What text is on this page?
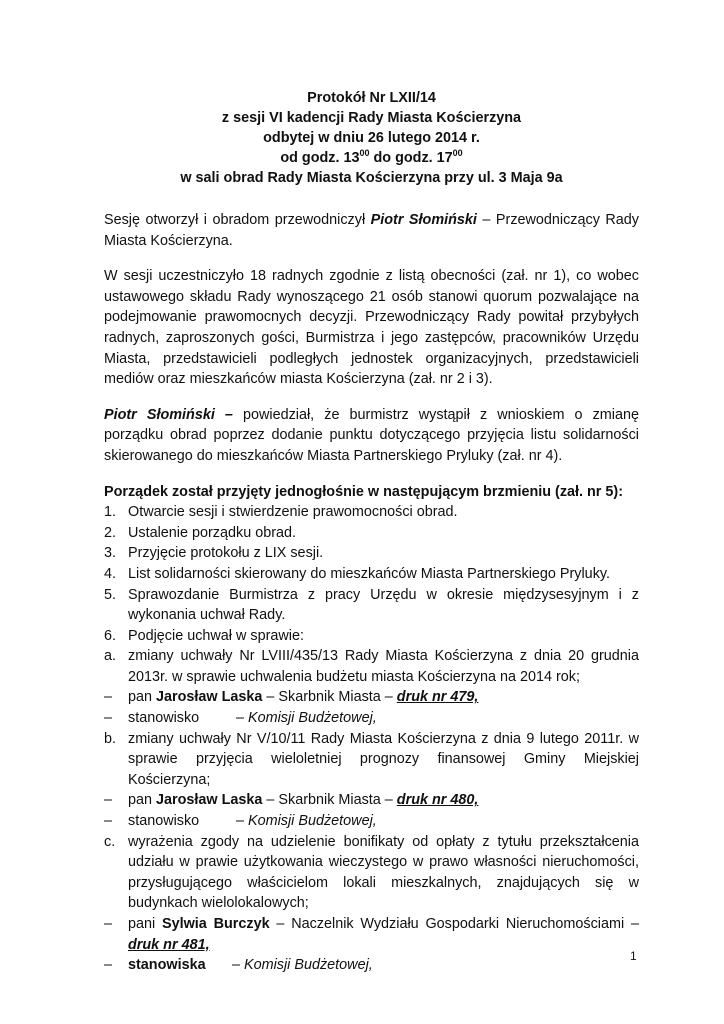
Protokół Nr LXII/14
z sesji VI kadencji Rady Miasta Kościerzyna
odbytej w dniu 26 lutego 2014 r.
od godz. $13^{00}$ do godz. $17^{00}$
w sali obrad Rady Miasta Kościerzyna przy ul. 3 Maja 9a

Sesję otworzył i obradom przewodniczył Piotr Słomiński – Przewodniczący Rady Miasta Kościerzyna.

W sesji uczestniczyło 18 radnych zgodnie z listą obecności (zał. nr 1), co wobec ustawowego składu Rady wynoszącego 21 osób stanowi quorum pozwalające na podejmowanie prawomocnych decyzji. Przewodniczący Rady powitał przybyłych radnych, zaproszonych gości, Burmistrza i jego zastępców, pracowników Urzędu Miasta, przedstawicieli podległych jednostek organizacyjnych, przedstawicieli mediów oraz mieszkańców miasta Kościerzyna (zał. nr 2 i 3).

Piotr Słomiński – powiedział, że burmistrz wystąpił z wnioskiem o zmianę porządku obrad poprzez dodanie punktu dotyczącego przyjęcia listu solidarności skierowanego do mieszkańców Miasta Partnerskiego Pryluky (zał. nr 4).

Porządek został przyjęty jednogłośnie w następującym brzmieniu (zał. nr 5):
1. Otwarcie sesji i stwierdzenie prawomocności obrad.
2. Ustalenie porządku obrad.
3. Przyjęcie protokołu z LIX sesji.
4. List solidarności skierowany do mieszkańców Miasta Partnerskiego Pryluky.
5. Sprawozdanie Burmistrza z pracy Urzędu w okresie międzysesyjnym i z wykonania uchwał Rady.
6. Podjęcie uchwał w sprawie:
a. zmiany uchwały Nr LVIII/435/13 Rady Miasta Kościerzyna z dnia 20 grudnia 2013r. w sprawie uchwalenia budżetu miasta Kościerzyna na 2014 rok;
–	pan Jarosław Laska – Skarbnik Miasta – druk nr 479,
–	stanowisko	– Komisji Budżetowej,
b. zmiany uchwały Nr V/10/11 Rady Miasta Kościerzyna z dnia 9 lutego 2011r. w sprawie przyjęcia wieloletniej prognozy finansowej Gminy Miejskiej Kościerzyna;
–	pan Jarosław Laska – Skarbnik Miasta – druk nr 480,
–	stanowisko	– Komisji Budżetowej,
c. wyrażenia zgody na udzielenie bonifikaty od opłaty z tytułu przekształcenia udziału w prawie użytkowania wieczystego w prawo własności nieruchomości, przysługującego właścicielom lokali mieszkalnych, znajdujących się w budynkach wielolokalowych;
–	pani Sylwia Burczyk – Naczelnik Wydziału Gospodarki Nieruchomościami – druk nr 481,
–	stanowiska – Komisji Budżetowej,
1
